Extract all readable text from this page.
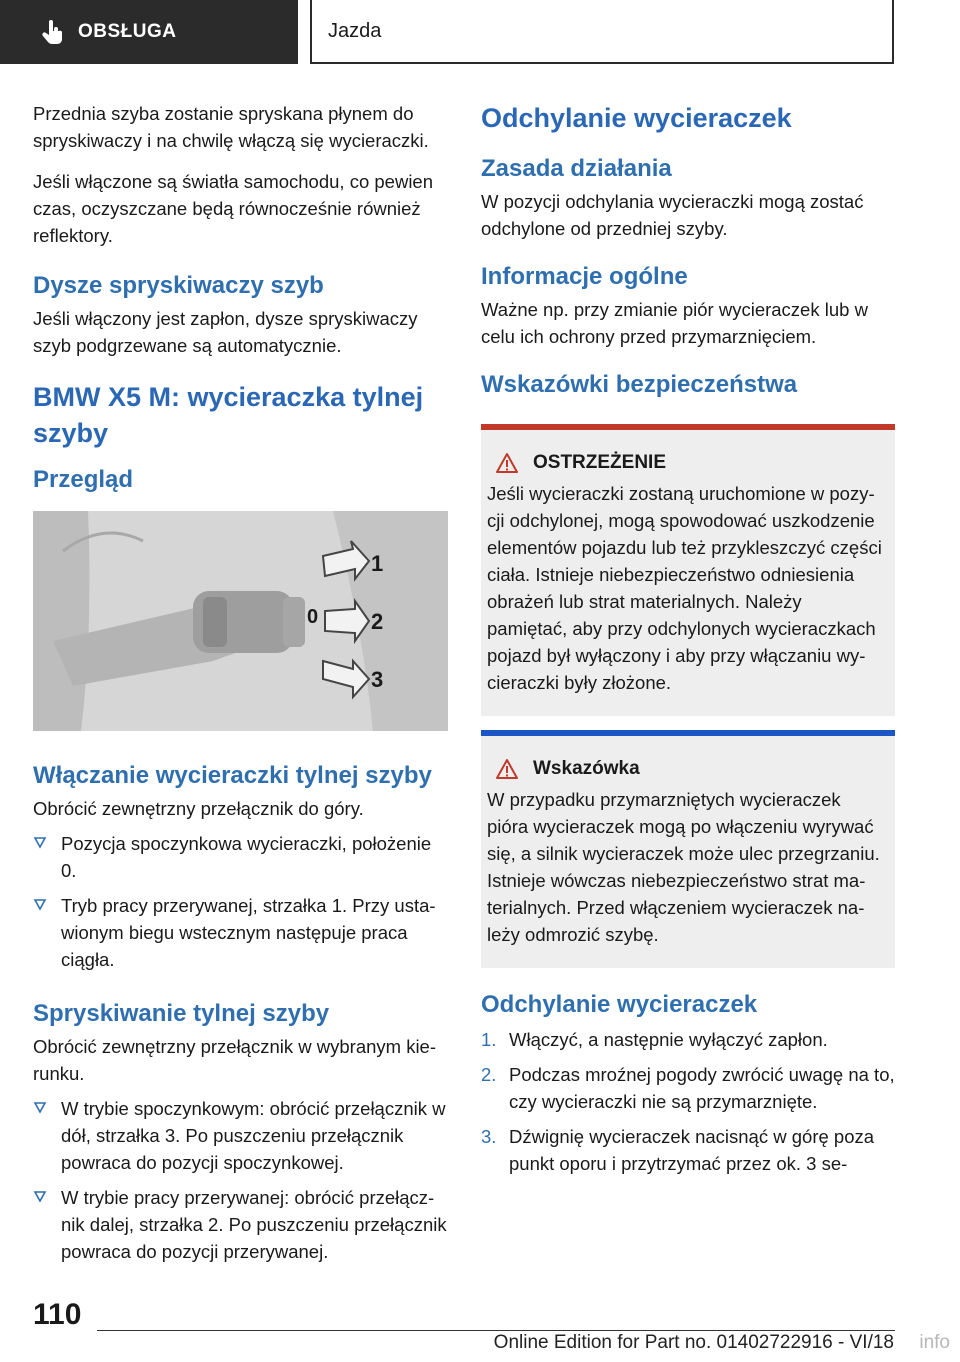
OBSŁUGA	Jazda

Przednia szyba zostanie spryskana płynem do spryskiwaczy i na chwilę włączą się wycieraczki.

Jeśli włączone są światła samochodu, co pewien czas, oczyszczane będą równocześnie również reflektory.

Dysze spryskiwaczy szyb

Jeśli włączony jest zapłon, dysze spryskiwaczy szyb podgrzewane są automatycznie.

BMW X5 M: wycieraczka tylnej szyby
Przegląd
1
0 2
3
Włączanie wycieraczki tylnej szyby

Obrócić zewnętrzny przełącznik do góry.

Pozycja spoczynkowa wycieraczki, położenie 0.
Tryb pracy przerywanej, strzałka 1. Przy ustawionym biegu wstecznym następuje praca ciągła.
Spryskiwanie tylnej szyby

Obrócić zewnętrzny przełącznik w wybranym kierunku.

W trybie spoczynkowym: obrócić przełącznik w dół, strzałka 3. Po puszczeniu przełącznik powraca do pozycji spoczynkowej.
W trybie pracy przerywanej: obrócić przełącznik dalej, strzałka 2. Po puszczeniu przełącznik powraca do pozycji przerywanej.
Odchylanie wycieraczek
Zasada działania

W pozycji odchylania wycieraczki mogą zostać odchylone od przedniej szyby.

Informacje ogólne

Ważne np. przy zmianie piór wycieraczek lub w celu ich ochrony przed przymarznięciem.

Wskazówki bezpieczeństwa
OSTRZEŻENIE

Jeśli wycieraczki zostaną uruchomione w pozycji odchylonej, mogą spowodować uszkodzenie elementów pojazdu lub też przykleszczyć części ciała. Istnieje niebezpieczeństwo odniesienia obrażeń lub strat materialnych. Należy pamiętać, aby przy odchylonych wycieraczkach pojazd był wyłączony i aby przy włączaniu wycieraczki były złożone.

Wskazówka

W przypadku przymarzniętych wycieraczek pióra wycieraczek mogą po włączeniu wyrywać się, a silnik wycieraczek może ulec przegrzaniu. Istnieje wówczas niebezpieczeństwo strat materialnych. Przed włączeniem wycieraczek należy odmrozić szybę.

Odchylanie wycieraczek
1. Włączyć, a następnie wyłączyć zapłon.
2. Podczas mroźnej pogody zwrócić uwagę na to, czy wycieraczki nie są przymarznięte.
3. Dźwignię wycieraczek nacisnąć w górę poza punkt oporu i przytrzymać przez ok. 3 se-
110
Online Edition for Part no. 01402722916 - VI/18 info
